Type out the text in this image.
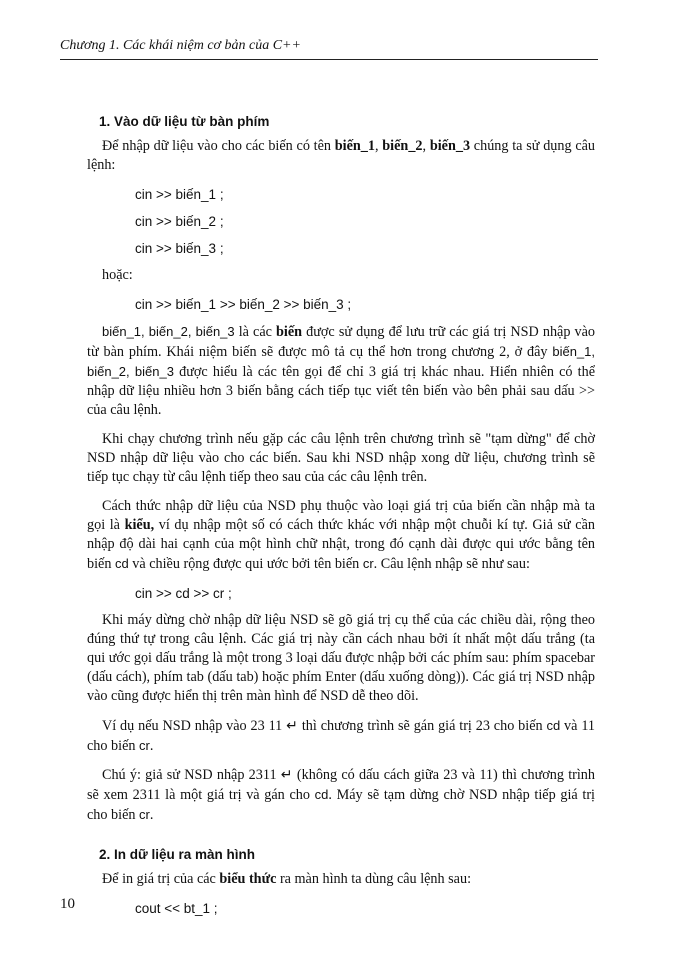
Chương 1. Các khái niệm cơ bản của C++
1. Vào dữ liệu từ bàn phím

Để nhập dữ liệu vào cho các biến có tên biến_1, biến_2, biến_3 chúng ta sử dụng câu lệnh:

cin >> biến_1 ;
cin >> biến_2 ;
cin >> biến_3 ;

hoặc:

cin >> biến_1 >> biến_2 >> biến_3 ;

biến_1, biến_2, biến_3 là các biến được sử dụng để lưu trữ các giá trị NSD nhập vào từ bàn phím. Khái niệm biến sẽ được mô tả cụ thể hơn trong chương 2, ở đây biến_1, biến_2, biến_3 được hiểu là các tên gọi để chỉ 3 giá trị khác nhau. Hiển nhiên có thể nhập dữ liệu nhiều hơn 3 biến bằng cách tiếp tục viết tên biến vào bên phải sau dấu >> của câu lệnh.

Khi chạy chương trình nếu gặp các câu lệnh trên chương trình sẽ "tạm dừng" để chờ NSD nhập dữ liệu vào cho các biến. Sau khi NSD nhập xong dữ liệu, chương trình sẽ tiếp tục chạy từ câu lệnh tiếp theo sau của các câu lệnh trên.

Cách thức nhập dữ liệu của NSD phụ thuộc vào loại giá trị của biến cần nhập mà ta gọi là kiểu, ví dụ nhập một số có cách thức khác với nhập một chuỗi kí tự. Giả sử cần nhập độ dài hai cạnh của một hình chữ nhật, trong đó cạnh dài được qui ước bằng tên biến cd và chiều rộng được qui ước bởi tên biến cr. Câu lệnh nhập sẽ như sau:

cin >> cd >> cr ;

Khi máy dừng chờ nhập dữ liệu NSD sẽ gõ giá trị cụ thể của các chiều dài, rộng theo đúng thứ tự trong câu lệnh. Các giá trị này cần cách nhau bởi ít nhất một dấu trắng (ta qui ước gọi dấu trắng là một trong 3 loại dấu được nhập bởi các phím sau: phím spacebar (dấu cách), phím tab (dấu tab) hoặc phím Enter (dấu xuống dòng)). Các giá trị NSD nhập vào cũng được hiển thị trên màn hình để NSD dễ theo dõi.

Ví dụ nếu NSD nhập vào 23 11 ↵ thì chương trình sẽ gán giá trị 23 cho biến cd và 11 cho biến cr.

Chú ý: giả sử NSD nhập 2311 ↵ (không có dấu cách giữa 23 và 11) thì chương trình sẽ xem 2311 là một giá trị và gán cho cd. Máy sẽ tạm dừng chờ NSD nhập tiếp giá trị cho biến cr.

2. In dữ liệu ra màn hình

Để in giá trị của các biểu thức ra màn hình ta dùng câu lệnh sau:

cout << bt_1 ;
10
